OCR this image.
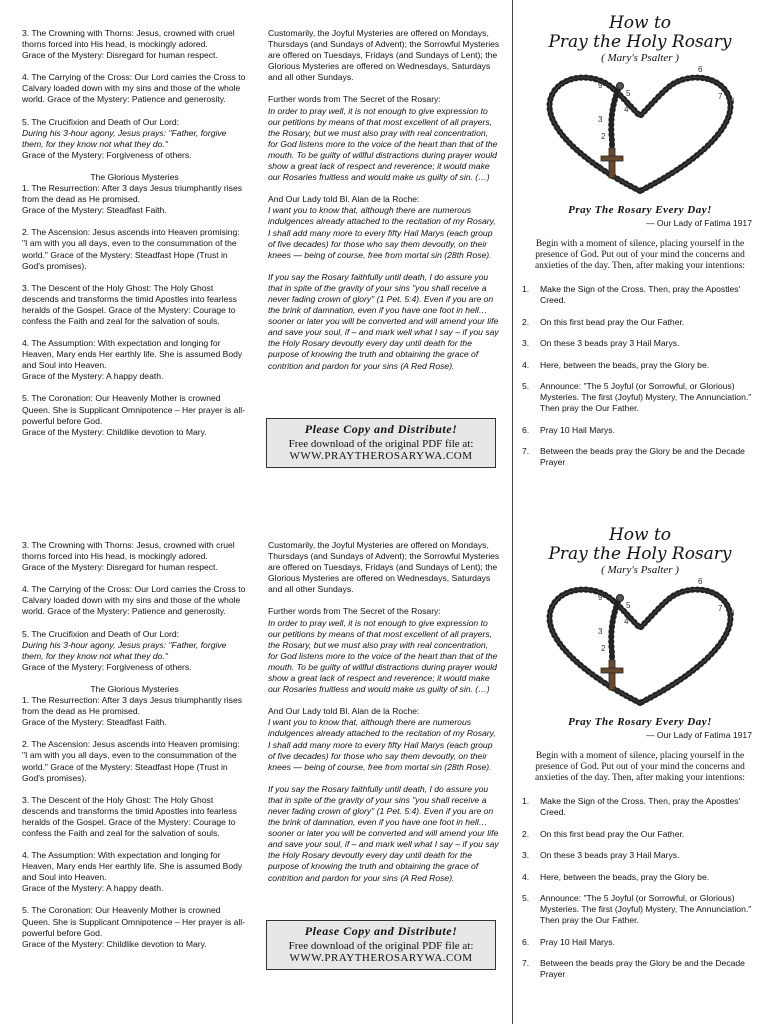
3. The Crowning with Thorns: Jesus, crowned with cruel thorns forced into His head, is mockingly adored.
Grace of the Mystery: Disregard for human respect.
4. The Carrying of the Cross: Our Lord carries the Cross to Calvary loaded down with my sins and those of the whole world. Grace of the Mystery: Patience and generosity.
5. The Crucifixion and Death of Our Lord:
During his 3-hour agony, Jesus prays: "Father, forgive them, for they know not what they do."
Grace of the Mystery: Forgiveness of others.
The Glorious Mysteries
1. The Resurrection: After 3 days Jesus triumphantly rises from the dead as He promised.
Grace of the Mystery: Steadfast Faith.
2. The Ascension: Jesus ascends into Heaven promising: "I am with you all days, even to the consummation of the world." Grace of the Mystery: Steadfast Hope (Trust in God's promises).
3. The Descent of the Holy Ghost: The Holy Ghost descends and transforms the timid Apostles into fearless heralds of the Gospel. Grace of the Mystery: Courage to confess the Faith and zeal for the salvation of souls.
4. The Assumption: With expectation and longing for Heaven, Mary ends Her earthly life. She is assumed Body and Soul into Heaven.
Grace of the Mystery: A happy death.
5. The Coronation: Our Heavenly Mother is crowned Queen. She is Supplicant Omnipotence – Her prayer is all-powerful before God.
Grace of the Mystery: Childlike devotion to Mary.
Customarily, the Joyful Mysteries are offered on Mondays, Thursdays (and Sundays of Advent); the Sorrowful Mysteries are offered on Tuesdays, Fridays (and Sundays of Lent); the Glorious Mysteries are offered on Wednesdays, Saturdays and all other Sundays.
Further words from The Secret of the Rosary:
In order to pray well, it is not enough to give expression to our petitions by means of that most excellent of all prayers, the Rosary, but we must also pray with real concentration, for God listens more to the voice of the heart than that of the mouth. To be guilty of willful distractions during prayer would show a great lack of respect and reverence; it would make our Rosaries fruitless and would make us guilty of sin. (…)
And Our Lady told Bl. Alan de la Roche:
I want you to know that, although there are numerous indulgences already attached to the recitation of my Rosary, I shall add many more to every fifty Hail Marys (each group of five decades) for those who say them devoutly, on their knees — being of course, free from mortal sin (28th Rose).
If you say the Rosary faithfully until death, I do assure you that in spite of the gravity of your sins "you shall receive a never fading crown of glory" (1 Pet. 5:4). Even if you are on the brink of damnation, even if you have one foot in hell… sooner or later you will be converted and will amend your life and save your soul, if – and mark well what I say – if you say the Holy Rosary devoutly every day until death for the purpose of knowing the truth and obtaining the grace of contrition and pardon for your sins (A Red Rose).
Please Copy and Distribute!
Free download of the original PDF file at:
WWW.PRAYTHEROSARYWA.COM
How to
Pray the Holy Rosary
( Mary's Psalter )
1
2
3
4
5
6
7
8
9
Pray The Rosary Every Day!
— Our Lady of Fatima 1917
Begin with a moment of silence, placing yourself in the presence of God. Put out of your mind the concerns and anxieties of the day. Then, after making your intentions:
1.	Make the Sign of the Cross. Then, pray the Apostles' Creed.
2.	On this first bead pray the Our Father.
3.	On these 3 beads pray 3 Hail Marys.
4.	Here, between the beads, pray the Glory be.
5.	Announce: "The 5 Joyful (or Sorrowful, or Glorious) Mysteries. The first (Joyful) Mystery, The Annunciation." Then pray the Our Father.
6.	Pray 10 Hail Marys.
7.	Between the beads pray the Glory be and the Decade Prayer
3. The Crowning with Thorns: Jesus, crowned with cruel thorns forced into His head, is mockingly adored.
Grace of the Mystery: Disregard for human respect.
4. The Carrying of the Cross: Our Lord carries the Cross to Calvary loaded down with my sins and those of the whole world. Grace of the Mystery: Patience and generosity.
5. The Crucifixion and Death of Our Lord:
During his 3-hour agony, Jesus prays: "Father, forgive them, for they know not what they do."
Grace of the Mystery: Forgiveness of others.
The Glorious Mysteries
1. The Resurrection: After 3 days Jesus triumphantly rises from the dead as He promised.
Grace of the Mystery: Steadfast Faith.
2. The Ascension: Jesus ascends into Heaven promising: "I am with you all days, even to the consummation of the world." Grace of the Mystery: Steadfast Hope (Trust in God's promises).
3. The Descent of the Holy Ghost: The Holy Ghost descends and transforms the timid Apostles into fearless heralds of the Gospel. Grace of the Mystery: Courage to confess the Faith and zeal for the salvation of souls.
4. The Assumption: With expectation and longing for Heaven, Mary ends Her earthly life. She is assumed Body and Soul into Heaven.
Grace of the Mystery: A happy death.
5. The Coronation: Our Heavenly Mother is crowned Queen. She is Supplicant Omnipotence – Her prayer is all-powerful before God.
Grace of the Mystery: Childlike devotion to Mary.
Customarily, the Joyful Mysteries are offered on Mondays, Thursdays (and Sundays of Advent); the Sorrowful Mysteries are offered on Tuesdays, Fridays (and Sundays of Lent); the Glorious Mysteries are offered on Wednesdays, Saturdays and all other Sundays.
Further words from The Secret of the Rosary:
In order to pray well, it is not enough to give expression to our petitions by means of that most excellent of all prayers, the Rosary, but we must also pray with real concentration, for God listens more to the voice of the heart than that of the mouth. To be guilty of willful distractions during prayer would show a great lack of respect and reverence; it would make our Rosaries fruitless and would make us guilty of sin. (…)
And Our Lady told Bl. Alan de la Roche:
I want you to know that, although there are numerous indulgences already attached to the recitation of my Rosary, I shall add many more to every fifty Hail Marys (each group of five decades) for those who say them devoutly, on their knees — being of course, free from mortal sin (28th Rose).
If you say the Rosary faithfully until death, I do assure you that in spite of the gravity of your sins "you shall receive a never fading crown of glory" (1 Pet. 5:4). Even if you are on the brink of damnation, even if you have one foot in hell… sooner or later you will be converted and will amend your life and save your soul, if – and mark well what I say – if you say the Holy Rosary devoutly every day until death for the purpose of knowing the truth and obtaining the grace of contrition and pardon for your sins (A Red Rose).
Please Copy and Distribute!
Free download of the original PDF file at:
WWW.PRAYTHEROSARYWA.COM
How to
Pray the Holy Rosary
( Mary's Psalter )
1
2
3
4
5
6
7
8
9
Pray The Rosary Every Day!
— Our Lady of Fatima 1917
Begin with a moment of silence, placing yourself in the presence of God. Put out of your mind the concerns and anxieties of the day. Then, after making your intentions:
1.	Make the Sign of the Cross. Then, pray the Apostles' Creed.
2.	On this first bead pray the Our Father.
3.	On these 3 beads pray 3 Hail Marys.
4.	Here, between the beads, pray the Glory be.
5.	Announce: "The 5 Joyful (or Sorrowful, or Glorious) Mysteries. The first (Joyful) Mystery, The Annunciation." Then pray the Our Father.
6.	Pray 10 Hail Marys.
7.	Between the beads pray the Glory be and the Decade Prayer
